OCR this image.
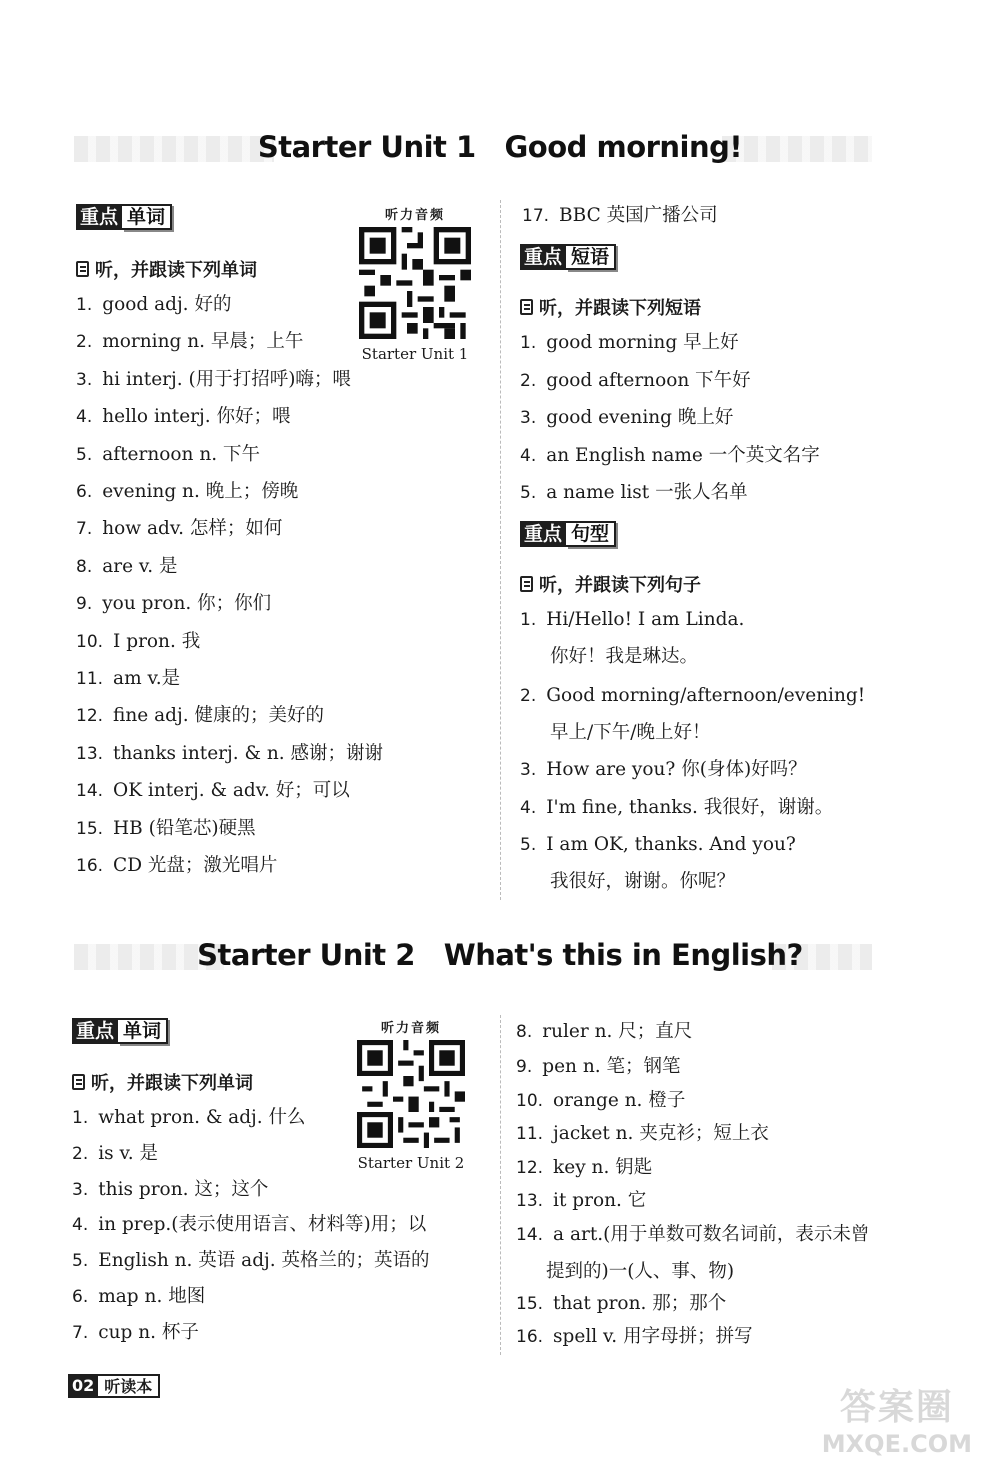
Starter Unit 1   Good morning!
重点 单词
听，并跟读下列单词
听力音频
Starter Unit 1
1. good adj. 好的
2. morning n. 早晨；上午
3. hi interj. (用于打招呼)嗨；喂
4. hello interj. 你好；喂
5. afternoon n. 下午
6. evening n. 晚上；傍晚
7. how adv. 怎样；如何
8. are v. 是
9. you pron. 你；你们
10. I pron. 我
11. am v.是
12. fine adj. 健康的；美好的
13. thanks interj. & n. 感谢；谢谢
14. OK interj. & adv. 好；可以
15. HB (铅笔芯)硬黑
16. CD 光盘；激光唱片
17. BBC 英国广播公司
重点 短语
听，并跟读下列短语
1. good morning 早上好
2. good afternoon 下午好
3. good evening 晚上好
4. an English name 一个英文名字
5. a name list 一张人名单
重点 句型
听，并跟读下列句子
1. Hi/Hello! I am Linda.
你好！我是琳达。
2. Good morning/afternoon/evening!
早上/下午/晚上好！
3. How are you? 你(身体)好吗？
4. I'm fine, thanks. 我很好，谢谢。
5. I am OK, thanks. And you?
我很好，谢谢。你呢？
Starter Unit 2   What's this in English?
重点 单词
听，并跟读下列单词
听力音频
Starter Unit 2
1. what pron. & adj. 什么
2. is v. 是
3. this pron. 这；这个
4. in prep.(表示使用语言、材料等)用；以
5. English n. 英语 adj. 英格兰的；英语的
6. map n. 地图
7. cup n. 杯子
8. ruler n. 尺；直尺
9. pen n. 笔；钢笔
10. orange n. 橙子
11. jacket n. 夹克衫；短上衣
12. key n. 钥匙
13. it pron. 它
14. a art.(用于单数可数名词前，表示未曾
提到的)一(人、事、物)
15. that pron. 那；那个
16. spell v. 用字母拼；拼写
02 听读本
答案圈
MXQE.COM
